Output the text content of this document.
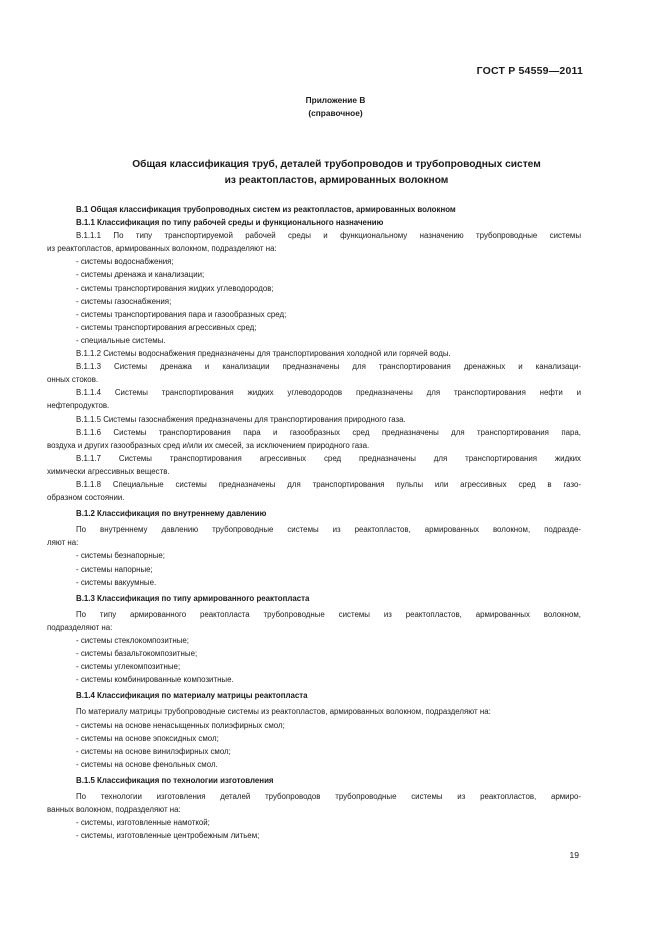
ГОСТ Р 54559—2011
Приложение В
(справочное)
Общая классификация труб, деталей трубопроводов и трубопроводных систем
из реактопластов, армированных волокном
В.1 Общая классификация трубопроводных систем из реактопластов, армированных волокном
В.1.1 Классификация по типу рабочей среды и функционального назначению
В.1.1.1 По типу транспортируемой рабочей среды и функциональному назначению трубопроводные системы
из реактопластов, армированных волокном, подразделяют на:
- системы водоснабжения;
- системы дренажа и канализации;
- системы транспортирования жидких углеводородов;
- системы газоснабжения;
- системы транспортирования пара и газообразных сред;
- системы транспортирования агрессивных сред;
- специальные системы.
В.1.1.2 Системы водоснабжения предназначены для транспортирования холодной или горячей воды.
В.1.1.3 Системы дренажа и канализации предназначены для транспортирования дренажных и канализаци-
онных стоков.
В.1.1.4 Системы транспортирования жидких углеводородов предназначены для транспортирования нефти и
нефтепродуктов.
В.1.1.5 Системы газоснабжения предназначены для транспортирования природного газа.
В.1.1.6 Системы транспортирования пара и газообразных сред предназначены для транспортирования пара,
воздуха и других газообразных сред и/или их смесей, за исключением природного газа.
В.1.1.7 Системы транспортирования агрессивных сред предназначены для транспортирования жидких
химически агрессивных веществ.
В.1.1.8 Специальные системы предназначены для транспортирования пульпы или агрессивных сред в газо-
образном состоянии.
В.1.2 Классификация по внутреннему давлению
По внутреннему давлению трубопроводные системы из реактопластов, армированных волокном, подразде-
ляют на:
- системы безнапорные;
- системы напорные;
- системы вакуумные.
В.1.3 Классификация по типу армированного реактопласта
По типу армированного реактопласта трубопроводные системы из реактопластов, армированных волокном,
подразделяют на:
- системы стеклокомпозитные;
- системы базальтокомпозитные;
- системы углекомпозитные;
- системы комбинированные композитные.
В.1.4 Классификация по материалу матрицы реактопласта
По материалу матрицы трубопроводные системы из реактопластов, армированных волокном, подразделяют на:
- системы на основе ненасыщенных полиэфирных смол;
- системы на основе эпоксидных смол;
- системы на основе винилэфирных смол;
- системы на основе фенольных смол.
В.1.5 Классификация по технологии изготовления
По технологии изготовления деталей трубопроводов трубопроводные системы из реактопластов, армиро-
ванных волокном, подразделяют на:
- системы, изготовленные намоткой;
- системы, изготовленные центробежным литьем;
19
